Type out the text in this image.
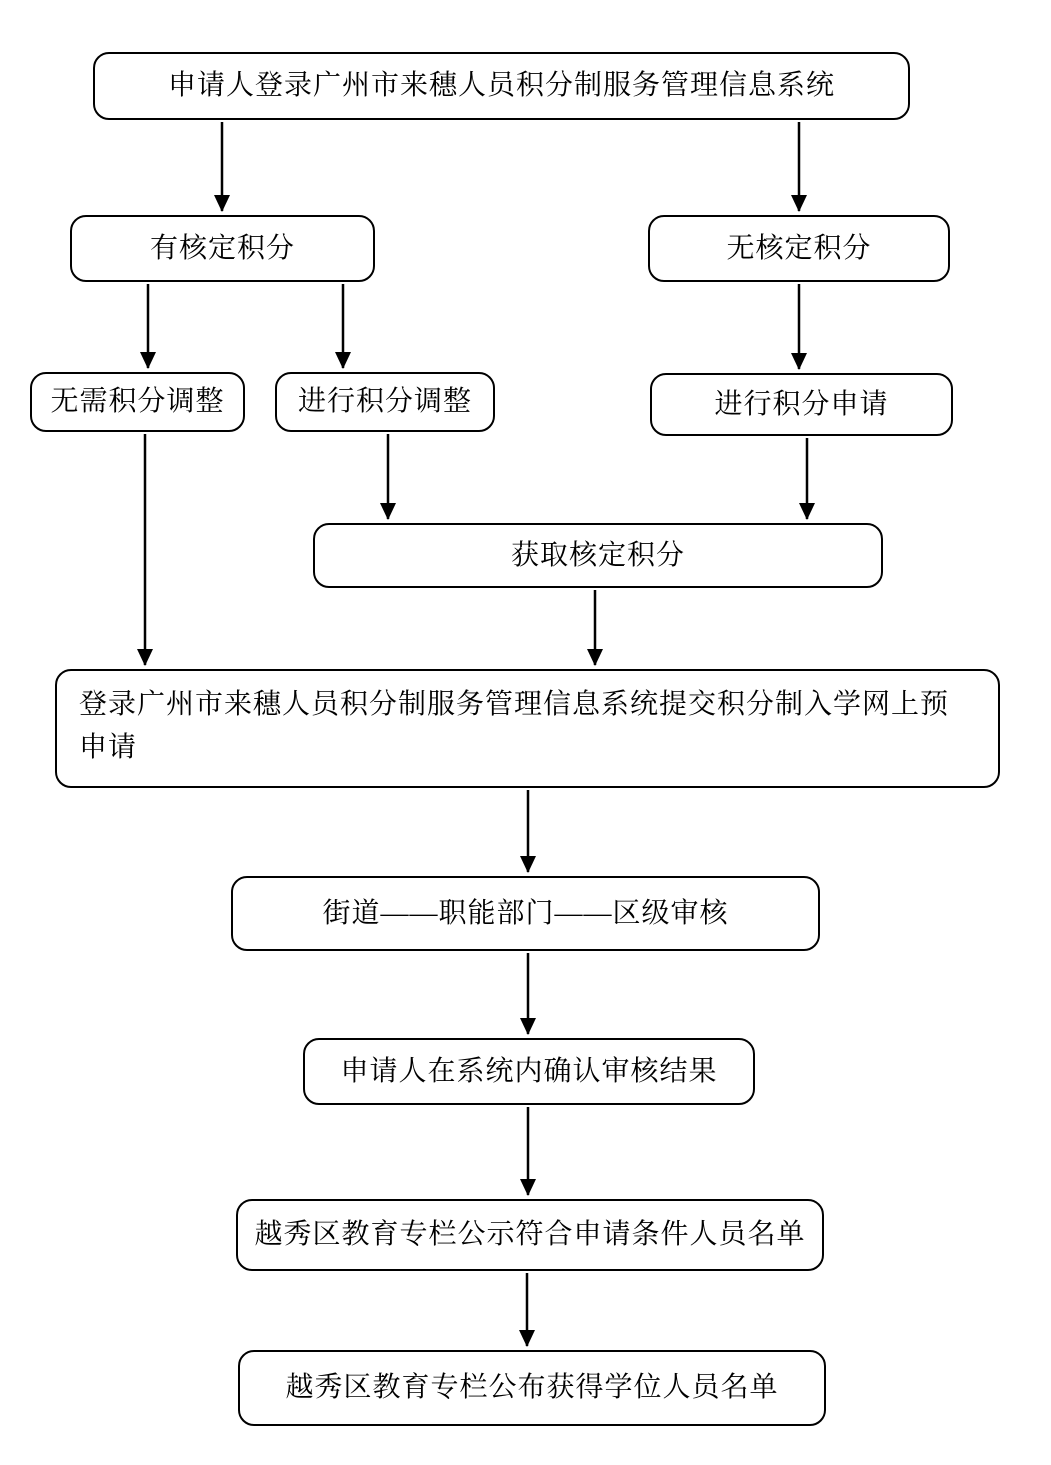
申请人登录广州市来穗人员积分制服务管理信息系统
有核定积分	无核定积分
无需积分调整	进行积分调整	进行积分申请
获取核定积分
登录广州市来穗人员积分制服务管理信息系统提交积分制入学网上预申请
街道——职能部门——区级审核
申请人在系统内确认审核结果
越秀区教育专栏公示符合申请条件人员名单
越秀区教育专栏公布获得学位人员名单
